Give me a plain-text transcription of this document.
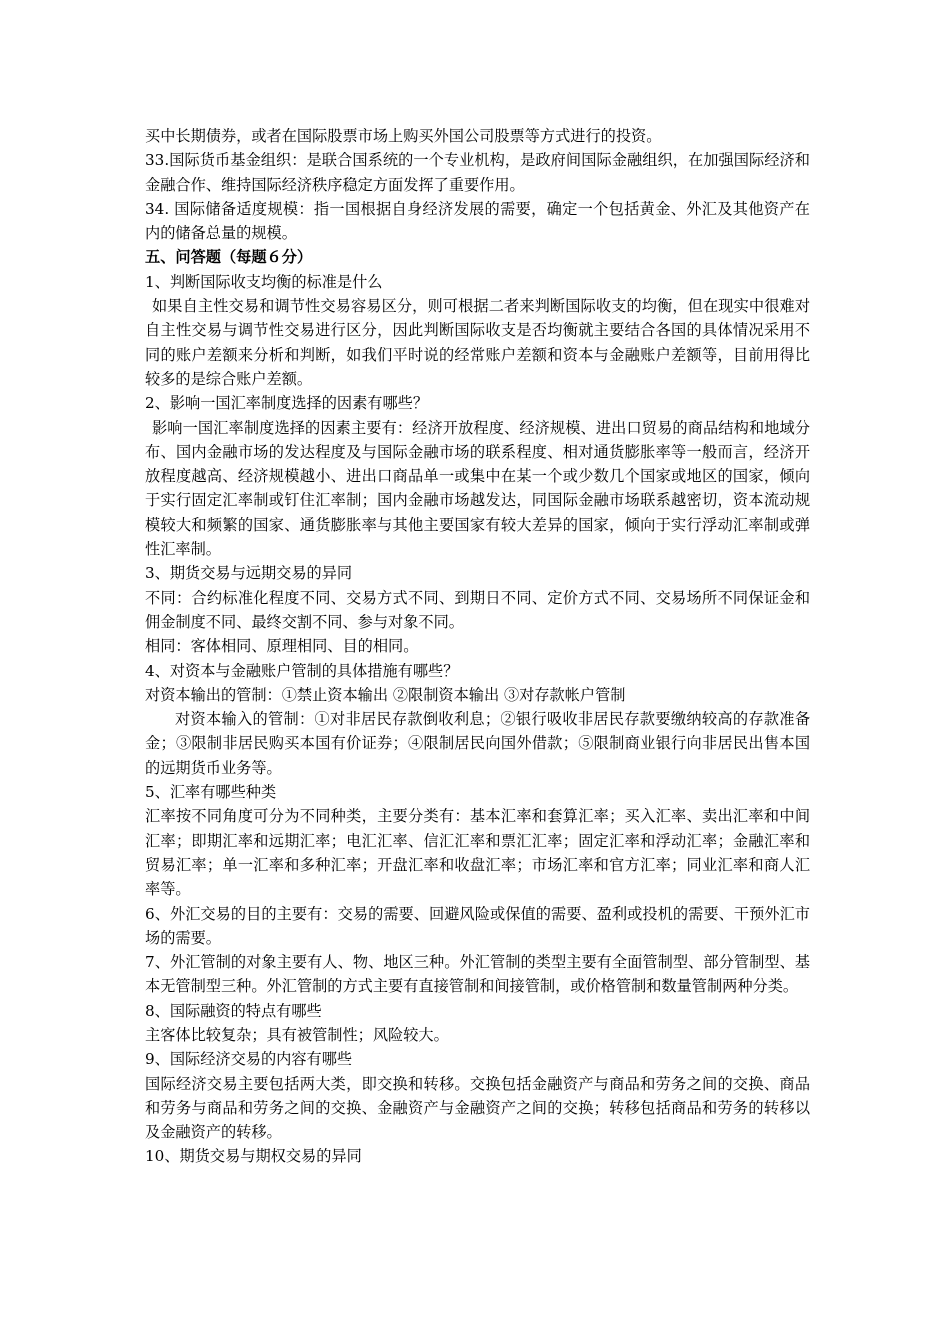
买中长期债券，或者在国际股票市场上购买外国公司股票等方式进行的投资。

33.国际货币基金组织：是联合国系统的一个专业机构，是政府间国际金融组织，在加强国际经济和金融合作、维持国际经济秩序稳定方面发挥了重要作用。

34. 国际储备适度规模：指一国根据自身经济发展的需要，确定一个包括黄金、外汇及其他资产在内的储备总量的规模。

五、问答题（每题６分）

1、判断国际收支均衡的标准是什么

如果自主性交易和调节性交易容易区分，则可根据二者来判断国际收支的均衡，但在现实中很难对自主性交易与调节性交易进行区分，因此判断国际收支是否均衡就主要结合各国的具体情况采用不同的账户差额来分析和判断，如我们平时说的经常账户差额和资本与金融账户差额等，目前用得比较多的是综合账户差额。

2、影响一国汇率制度选择的因素有哪些？

影响一国汇率制度选择的因素主要有：经济开放程度、经济规模、进出口贸易的商品结构和地域分布、国内金融市场的发达程度及与国际金融市场的联系程度、相对通货膨胀率等一般而言，经济开放程度越高、经济规模越小、进出口商品单一或集中在某一个或少数几个国家或地区的国家，倾向于实行固定汇率制或钉住汇率制；国内金融市场越发达，同国际金融市场联系越密切，资本流动规模较大和频繁的国家、通货膨胀率与其他主要国家有较大差异的国家，倾向于实行浮动汇率制或弹性汇率制。

3、期货交易与远期交易的异同

不同：合约标准化程度不同、交易方式不同、到期日不同、定价方式不同、交易场所不同保证金和佣金制度不同、最终交割不同、参与对象不同。

相同：客体相同、原理相同、目的相同。

4、对资本与金融账户管制的具体措施有哪些？

对资本输出的管制：①禁止资本输出 ②限制资本输出 ③对存款帐户管制

对资本输入的管制：①对非居民存款倒收利息；②银行吸收非居民存款要缴纳较高的存款准备金；③限制非居民购买本国有价证券；④限制居民向国外借款；⑤限制商业银行向非居民出售本国的远期货币业务等。

5、汇率有哪些种类

汇率按不同角度可分为不同种类，主要分类有：基本汇率和套算汇率；买入汇率、卖出汇率和中间汇率；即期汇率和远期汇率；电汇汇率、信汇汇率和票汇汇率；固定汇率和浮动汇率；金融汇率和贸易汇率；单一汇率和多种汇率；开盘汇率和收盘汇率；市场汇率和官方汇率；同业汇率和商人汇率等。

6、外汇交易的目的主要有：交易的需要、回避风险或保值的需要、盈利或投机的需要、干预外汇市场的需要。

7、外汇管制的对象主要有人、物、地区三种。外汇管制的类型主要有全面管制型、部分管制型、基本无管制型三种。外汇管制的方式主要有直接管制和间接管制，或价格管制和数量管制两种分类。

8、国际融资的特点有哪些

主客体比较复杂；具有被管制性；风险较大。

9、国际经济交易的内容有哪些

国际经济交易主要包括两大类，即交换和转移。交换包括金融资产与商品和劳务之间的交换、商品和劳务与商品和劳务之间的交换、金融资产与金融资产之间的交换；转移包括商品和劳务的转移以及金融资产的转移。

10、期货交易与期权交易的异同
